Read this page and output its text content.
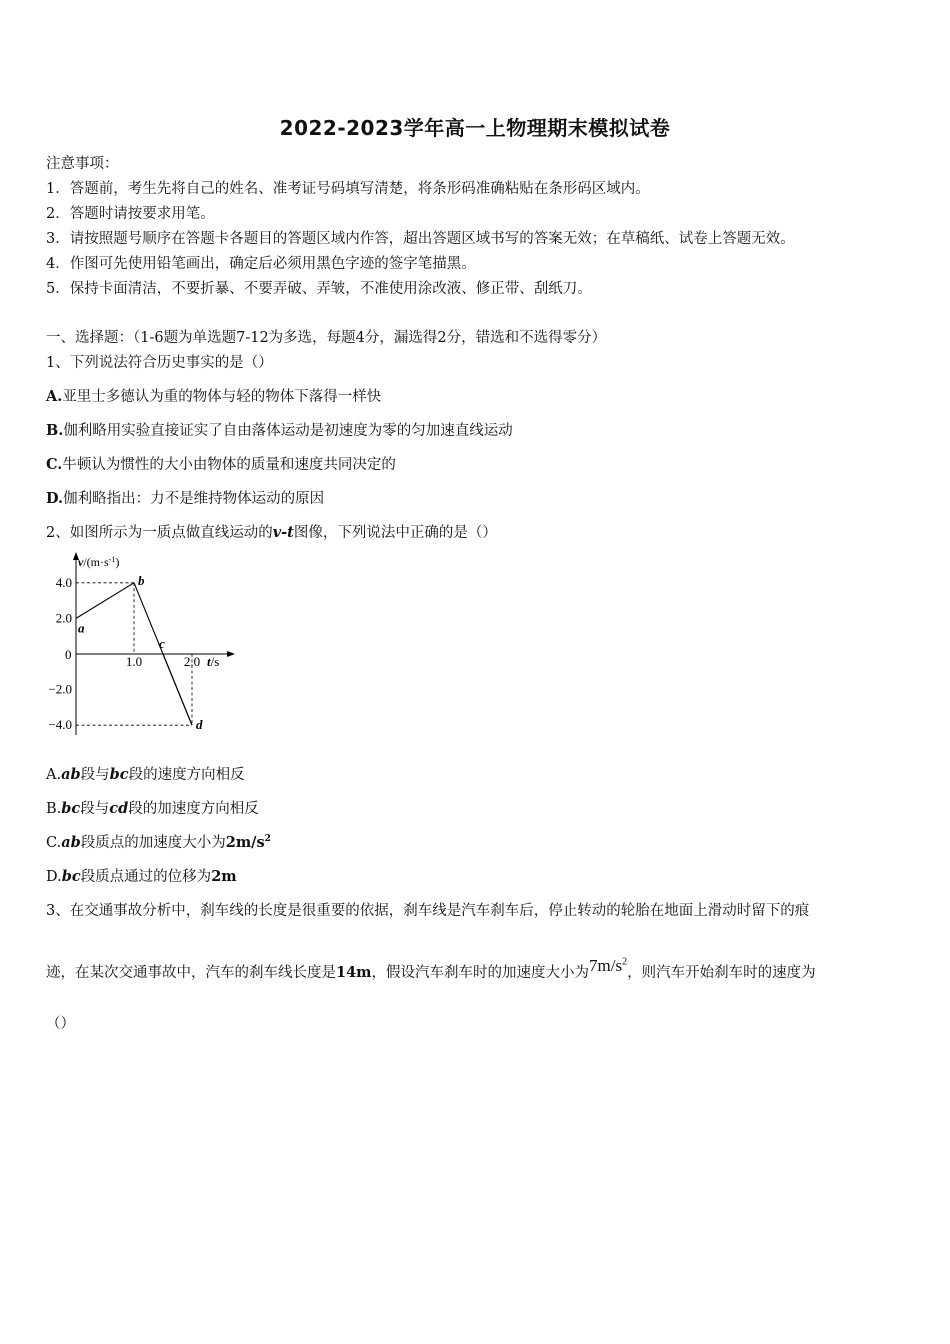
2022-2023学年高一上物理期末模拟试卷
注意事项：
1．答题前，考生先将自己的姓名、准考证号码填写清楚，将条形码准确粘贴在条形码区域内。
2．答题时请按要求用笔。
3．请按照题号顺序在答题卡各题目的答题区域内作答，超出答题区域书写的答案无效；在草稿纸、试卷上答题无效。
4．作图可先使用铅笔画出，确定后必须用黑色字迹的签字笔描黑。
5．保持卡面清洁，不要折暴、不要弄破、弄皱，不准使用涂改液、修正带、刮纸刀。
一、选择题：（1-6题为单选题7-12为多选，每题4分，漏选得2分，错选和不选得零分）
1、下列说法符合历史事实的是（）
A.亚里士多德认为重的物体与轻的物体下落得一样快
B.伽利略用实验直接证实了自由落体运动是初速度为零的匀加速直线运动
C.牛顿认为惯性的大小由物体的质量和速度共同决定的
D.伽利略指出：力不是维持物体运动的原因
2、如图所示为一质点做直线运动的v-t图像，下列说法中正确的是（）
4.0
2.0
−2.0
−4.0
1.0	2.0
a
b
c
d
$v/(m\cdot s^{-1})$
t/s
0
A.ab段与bc段的速度方向相反
B.bc段与cd段的加速度方向相反
C.ab段质点的加速度大小为$2m/s^2$
D.bc段质点通过的位移为2m
3、在交通事故分析中，刹车线的长度是很重要的依据，刹车线是汽车刹车后，停止转动的轮胎在地面上滑动时留下的痕
迹，在某次交通事故中，汽车的刹车线长度是14m，假设汽车刹车时的加速度大小为$7m/s^2$，则汽车开始刹车时的速度为
（）
